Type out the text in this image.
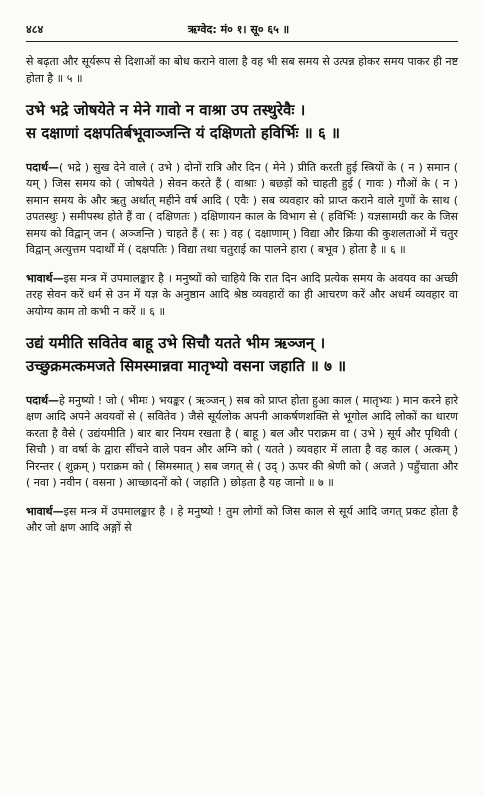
४८४	ऋग्वेद: मं० १। सू० ६५ ॥

से बढ़ता और सूर्यरूप से दिशाओं का बोध कराने वाला है वह भी सब समय से उत्पन्न होकर समय पाकर ही नष्ट होता है ॥ ५ ॥

उभे भद्रे जोषयेते न मेने गावो न वाश्रा उप तस्थुरेवैः ।
स दक्षाणां दक्षपतिर्बभूवाञ्जन्ति यं दक्षिणतो हविर्भिः ॥ ६ ॥

पदार्थ—( भद्रे ) सुख देने वाले ( उभे ) दोनों रात्रि और दिन ( मेने ) प्रीति करती हुई स्त्रियों के ( न ) समान ( यम् ) जिस समय को ( जोषयेते ) सेवन करते हैं ( वाश्राः ) बछड़ों को चाहती हुई ( गावः ) गौओं के ( न ) समान समय के और ऋतु अर्थात् महीने वर्ष आदि ( एवैः ) सब व्यवहार को प्राप्त कराने वाले गुणों के साथ ( उपतस्थुः ) समीपस्थ होते हैं वा ( दक्षिणतः ) दक्षिणायन काल के विभाग से ( हविर्भिः ) यज्ञसामग्री कर के जिस समय को विद्वान् जन ( अञ्जन्ति ) चाहते हैं ( सः ) वह ( दक्षाणाम् ) विद्या और क्रिया की कुशलताओं में चतुर विद्वान् अत्युत्तम पदार्थों में ( दक्षपतिः ) विद्या तथा चतुराई का पालने हारा ( बभूव ) होता है ॥ ६ ॥

भावार्थ—इस मन्त्र में उपमालङ्कार है । मनुष्यों को चाहिये कि रात दिन आदि प्रत्येक समय के अवयव का अच्छी तरह सेवन करें धर्म से उन में यज्ञ के अनुष्ठान आदि श्रेष्ठ व्यवहारों का ही आचरण करें और अधर्म व्यवहार वा अयोग्य काम तो कभी न करें ॥ ६ ॥

उद्यं यमीति सवितेव बाहू उभे सिचौ यतते भीम ऋञ्जन् ।
उच्छुक्रमत्कमजते सिमस्मान्नवा मातृभ्यो वसना जहाति ॥ ७ ॥

पदार्थ—हे मनुष्यो ! जो ( भीमः ) भयङ्कर ( ऋञ्जन् ) सब को प्राप्त होता हुआ काल ( मातृभ्यः ) मान करने हारे क्षण आदि अपने अवयवों से ( सवितेव ) जैसे सूर्यलोक अपनी आकर्षणशक्ति से भूगोल आदि लोकों का धारण करता है वैसे ( उद्यंयमीति ) बार बार नियम रखता है ( बाहू ) बल और पराक्रम वा ( उभे ) सूर्य और पृथिवी ( सिचौ ) वा वर्षा के द्वारा सींचने वाले पवन और अग्नि को ( यतते ) व्यवहार में लाता है वह काल ( अत्कम् ) निरन्तर ( शुक्रम् ) पराक्रम को ( सिमस्मात् ) सब जगत् से ( उद् ) ऊपर की श्रेणी को ( अजते ) पहुँचाता और ( नवा ) नवीन ( वसना ) आच्छादनों को ( जहाति ) छोड़ता है यह जानो ॥ ७ ॥

भावार्थ—इस मन्त्र में उपमालङ्कार है । हे मनुष्यो ! तुम लोगों को जिस काल से सूर्य आदि जगत् प्रकट होता है और जो क्षण आदि अङ्गों से
